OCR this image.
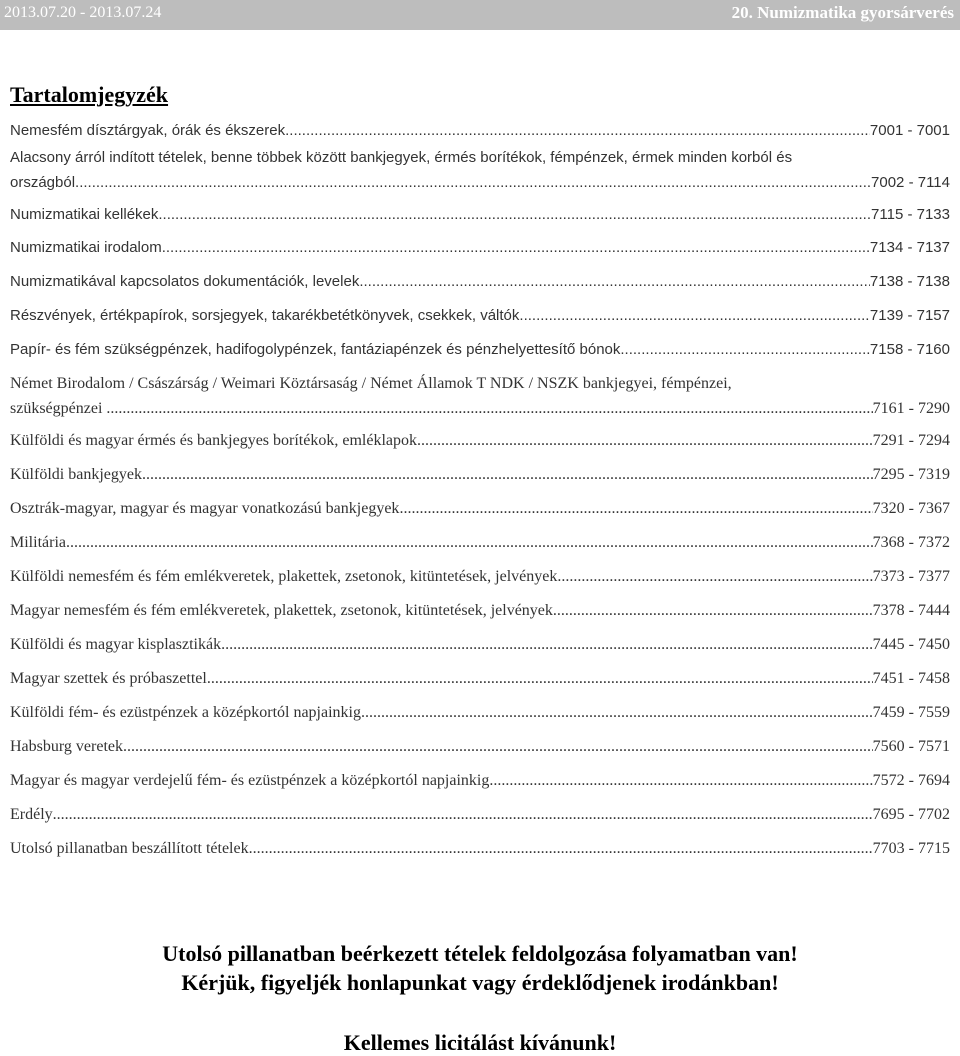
2013.07.20 - 2013.07.24	20. Numizmatika gyorsárverés
Tartalomjegyzék
Nemesfém dísztárgyak, órák és ékszerek .....	7001 - 7001
Alacsony árról indított tételek, benne többek között bankjegyek, érmés borítékok, fémpénzek, érmek minden korból és
országból .....	7002 - 7114
Numizmatikai kellékek .....	7115 - 7133
Numizmatikai irodalom .....	7134 - 7137
Numizmatikával kapcsolatos dokumentációk, levelek .....	7138 - 7138
Részvények, értékpapírok, sorsjegyek, takarékbetétkönyvek, csekkek, váltók .....	7139 - 7157
Papír- és fém szükségpénzek, hadifogolypénzek, fantáziapénzek és pénzhelyettesítő bónok .....	7158 - 7160
Német Birodalom / Császárság / Weimari Köztársaság / Német Államok T NDK / NSZK bankjegyei, fémpénzei,
szükségpénzei . .....	7161 - 7290
Külföldi és magyar érmés és bankjegyes borítékok, emléklapok .....	7291 - 7294
Külföldi bankjegyek .....	7295 - 7319
Osztrák-magyar, magyar és magyar vonatkozású bankjegyek .....	7320 - 7367
Militária .....	7368 - 7372
Külföldi nemesfém és fém emlékveretek, plakettek, zsetonok, kitüntetések, jelvények .....	7373 - 7377
Magyar nemesfém és fém emlékveretek, plakettek, zsetonok, kitüntetések, jelvények .....	7378 - 7444
Külföldi és magyar kisplasztikák .....	7445 - 7450
Magyar szettek és próbaszettel .....	7451 - 7458
Külföldi fém- és ezüstpénzek a középkortól napjainkig .....	7459 - 7559
Habsburg veretek .....	7560 - 7571
Magyar és magyar verdejelű fém- és ezüstpénzek a középkortól napjainkig .....	7572 - 7694
Erdély .....	7695 - 7702
Utolsó pillanatban beszállított tételek .....	7703 - 7715
Utolsó pillanatban beérkezett tételek feldolgozása folyamatban van!
Kérjük, figyeljék honlapunkat vagy érdeklődjenek irodánkban!
Kellemes licitálást kívánunk!
